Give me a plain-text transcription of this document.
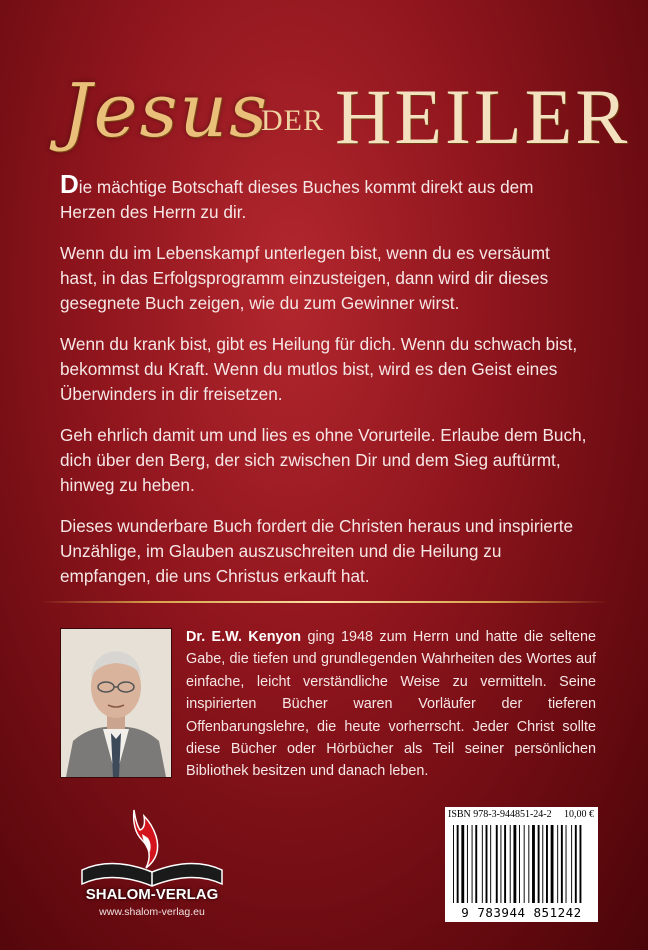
Jesus
DER HEILER

Die mächtige Botschaft dieses Buches kommt direkt aus dem Herzen des Herrn zu dir.

Wenn du im Lebenskampf unterlegen bist, wenn du es versäumt hast, in das Erfolgsprogramm einzusteigen, dann wird dir dieses gesegnete Buch zeigen, wie du zum Gewinner wirst.

Wenn du krank bist, gibt es Heilung für dich. Wenn du schwach bist, bekommst du Kraft. Wenn du mutlos bist, wird es den Geist eines Überwinders in dir freisetzen.

Geh ehrlich damit um und lies es ohne Vorurteile. Erlaube dem Buch, dich über den Berg, der sich zwischen Dir und dem Sieg auftürmt, hinweg zu heben.

Dieses wunderbare Buch fordert die Christen heraus und inspirierte Unzählige, im Glauben auszuschreiten und die Heilung zu empfangen, die uns Christus erkauft hat.

Dr. E.W. Kenyon ging 1948 zum Herrn und hatte die seltene Gabe, die tiefen und grundlegenden Wahrheiten des Wortes auf einfache, leicht verständliche Weise zu vermitteln. Seine inspirierten Bücher waren Vorläufer der tieferen Offenbarungslehre, die heute vorherrscht. Jeder Christ sollte diese Bücher oder Hörbücher als Teil seiner persönlichen Bibliothek besitzen und danach leben.
SHALOM-VERLAG
www.shalom-verlag.eu
ISBN 978-3-944851-24-2 10,00 €
9 783944 851242
